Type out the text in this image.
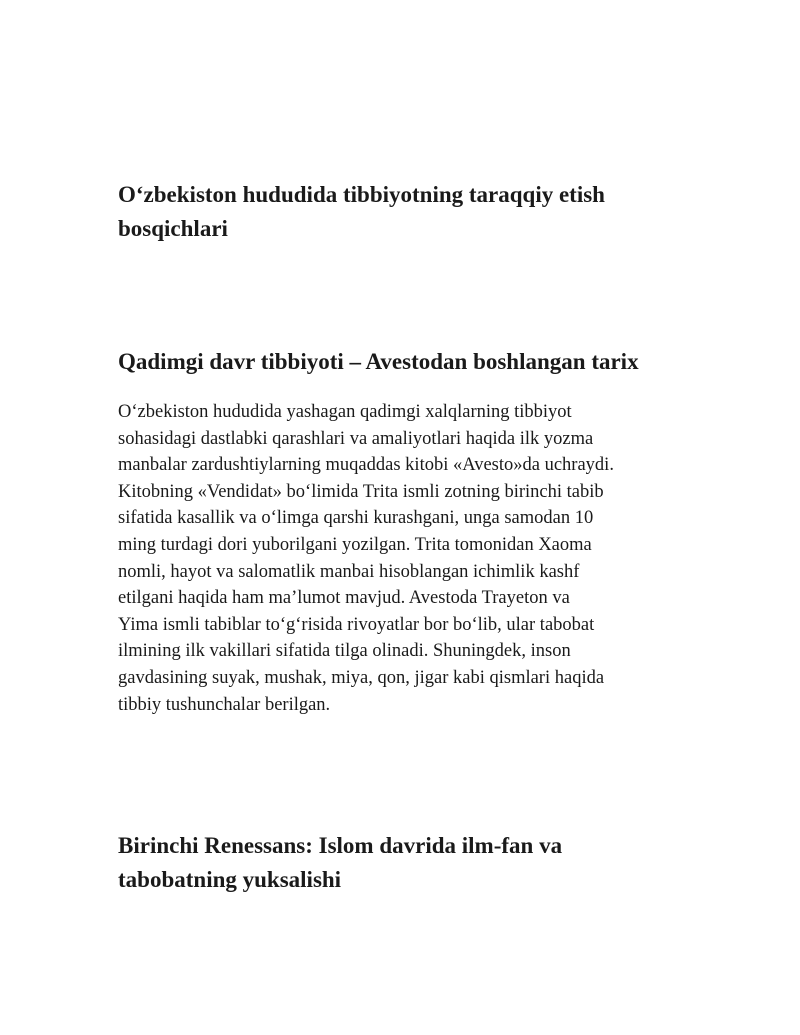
O‘zbekiston hududida tibbiyotning taraqqiy etish
bosqichlari
Qadimgi davr tibbiyoti – Avestodan boshlangan tarix

O‘zbekiston hududida yashagan qadimgi xalqlarning tibbiyot
sohasidagi dastlabki qarashlari va amaliyotlari haqida ilk yozma
manbalar zardushtiylarning muqaddas kitobi «Avesto»da uchraydi.
Kitobning «Vendidat» bo‘limida Trita ismli zotning birinchi tabib
sifatida kasallik va o‘limga qarshi kurashgani, unga samodan 10
ming turdagi dori yuborilgani yozilgan. Trita tomonidan Xaoma
nomli, hayot va salomatlik manbai hisoblangan ichimlik kashf
etilgani haqida ham ma’lumot mavjud. Avestoda Trayeton va
Yima ismli tabiblar to‘g‘risida rivoyatlar bor bo‘lib, ular tabobat
ilmining ilk vakillari sifatida tilga olinadi. Shuningdek, inson
gavdasining suyak, mushak, miya, qon, jigar kabi qismlari haqida
tibbiy tushunchalar berilgan.

Birinchi Renessans: Islom davrida ilm-fan va
tabobatning yuksalishi
